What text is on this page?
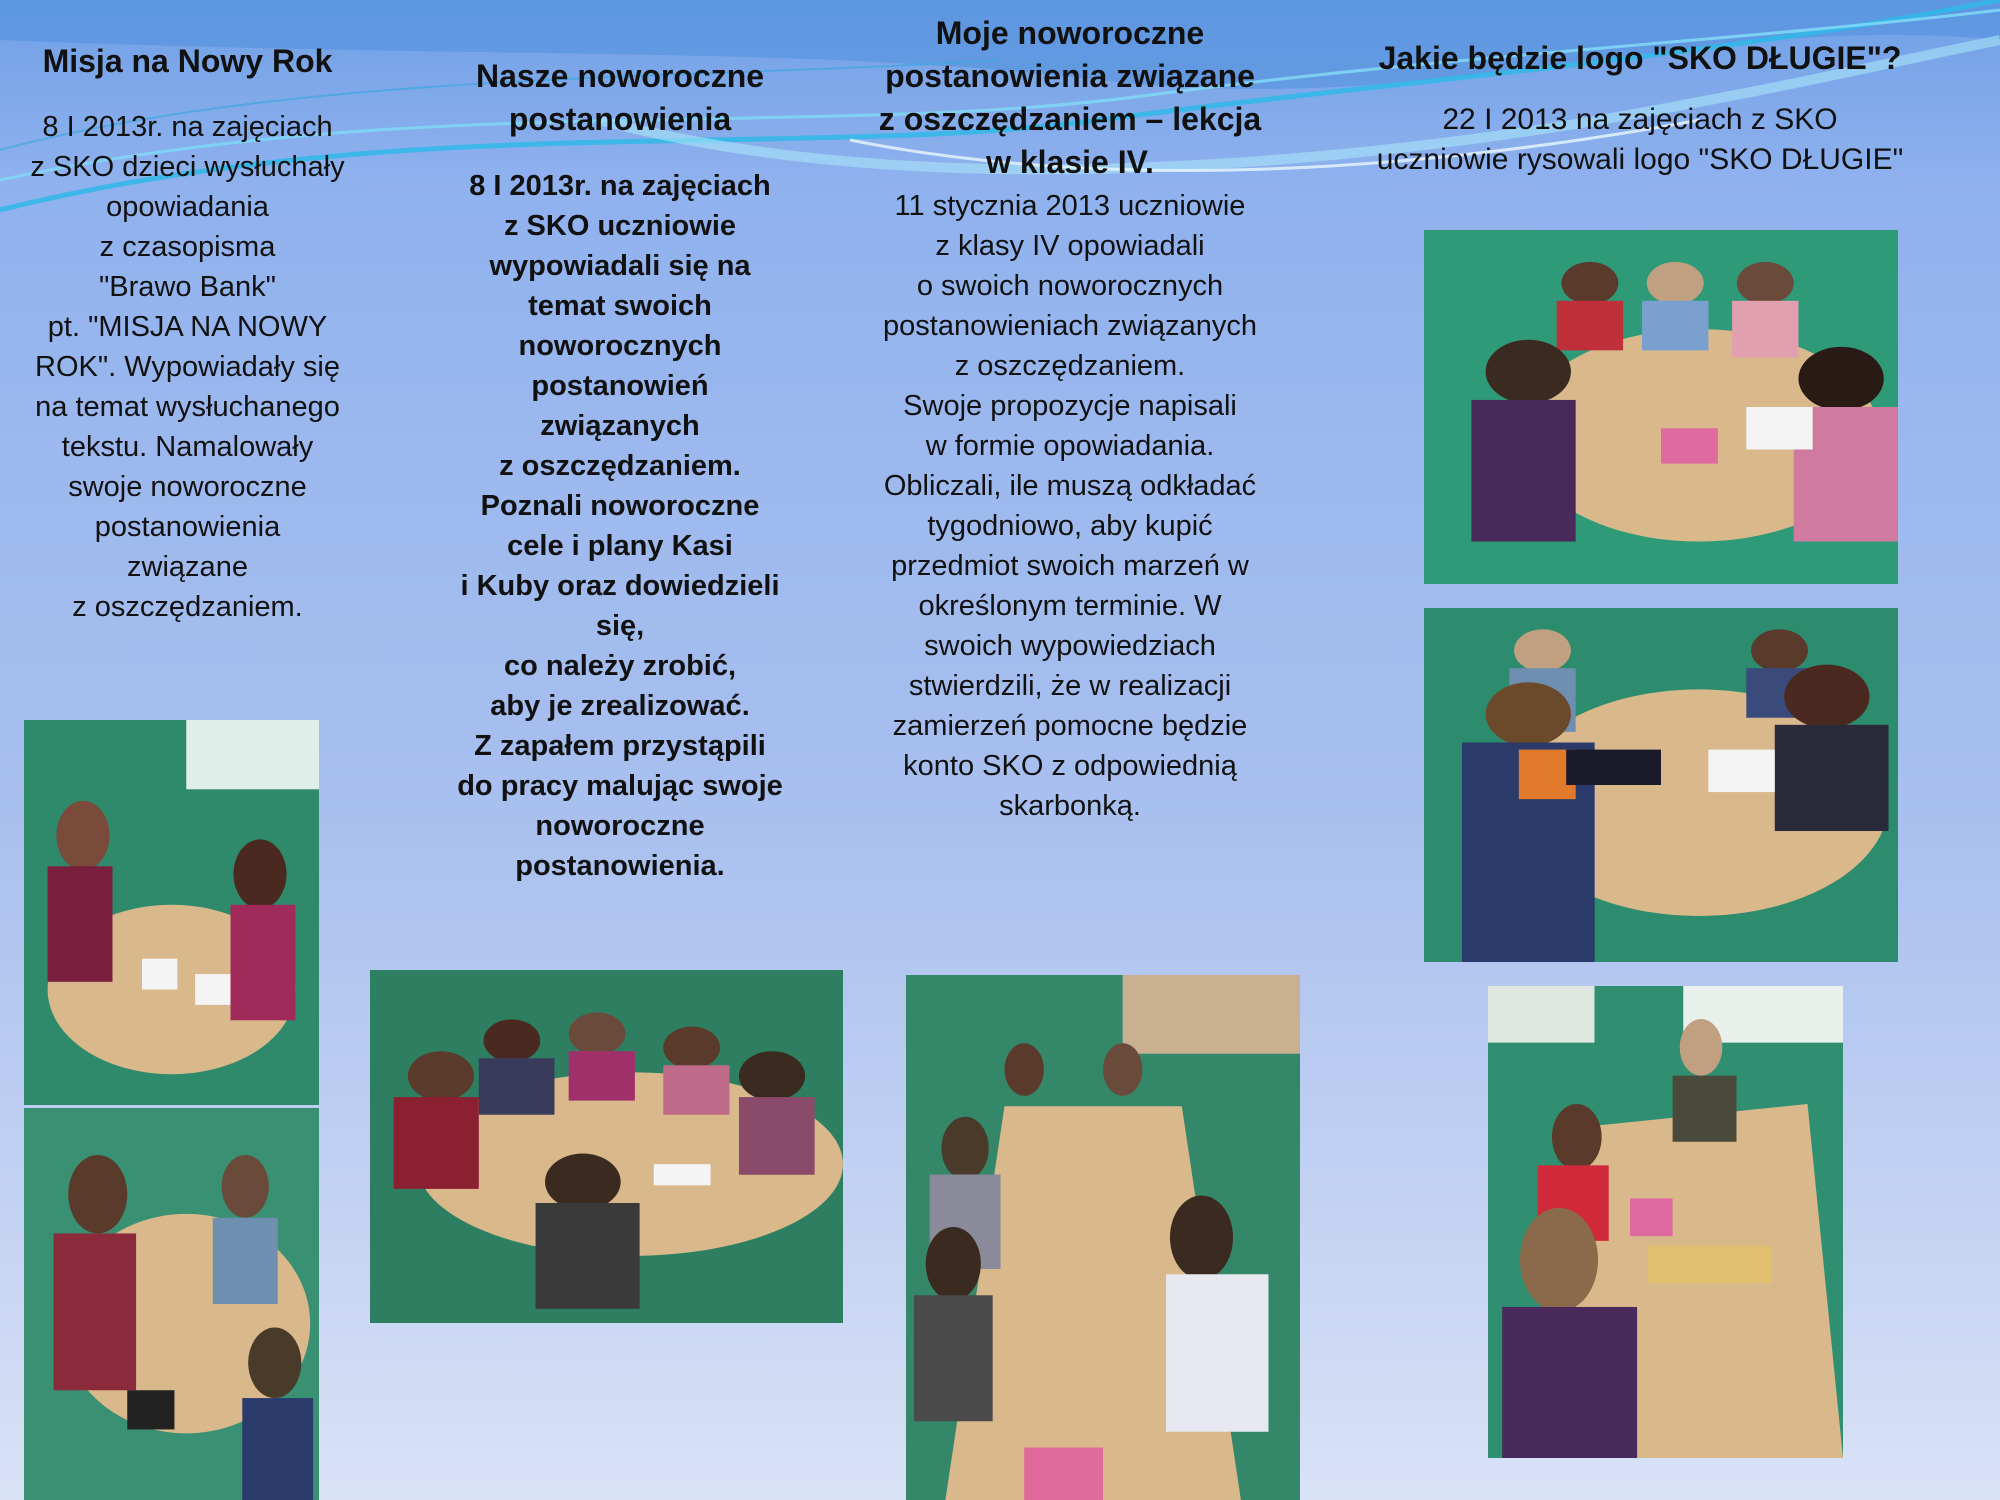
Misja na Nowy Rok
8 I 2013r. na zajęciach
z SKO dzieci wysłuchały
opowiadania
z czasopisma
"Brawo Bank"
pt. "MISJA NA NOWY
ROK". Wypowiadały się
na temat wysłuchanego
tekstu. Namalowały
swoje noworoczne
postanowienia
związane
z oszczędzaniem.
Nasze noworoczne
postanowienia
8 I 2013r. na zajęciach
z SKO uczniowie
wypowiadali się na
temat swoich
noworocznych
postanowień
związanych
z oszczędzaniem.
Poznali noworoczne
cele i plany Kasi
i Kuby oraz dowiedzieli
się,
co należy zrobić,
aby je zrealizować.
Z zapałem przystąpili
do pracy malując swoje
noworoczne
postanowienia.
Moje noworoczne
postanowienia związane
z oszczędzaniem – lekcja
w klasie IV.
11 stycznia 2013 uczniowie
z klasy IV opowiadali
o swoich noworocznych
postanowieniach związanych
z oszczędzaniem.
Swoje propozycje napisali
w formie opowiadania.
Obliczali, ile muszą odkładać
tygodniowo, aby kupić
przedmiot swoich marzeń w
określonym terminie. W
swoich wypowiedziach
stwierdzili, że w realizacji
zamierzeń pomocne będzie
konto SKO z odpowiednią
skarbonką.
Jakie będzie logo "SKO DŁUGIE"?
22 I 2013 na zajęciach z SKO
uczniowie rysowali logo "SKO DŁUGIE"
